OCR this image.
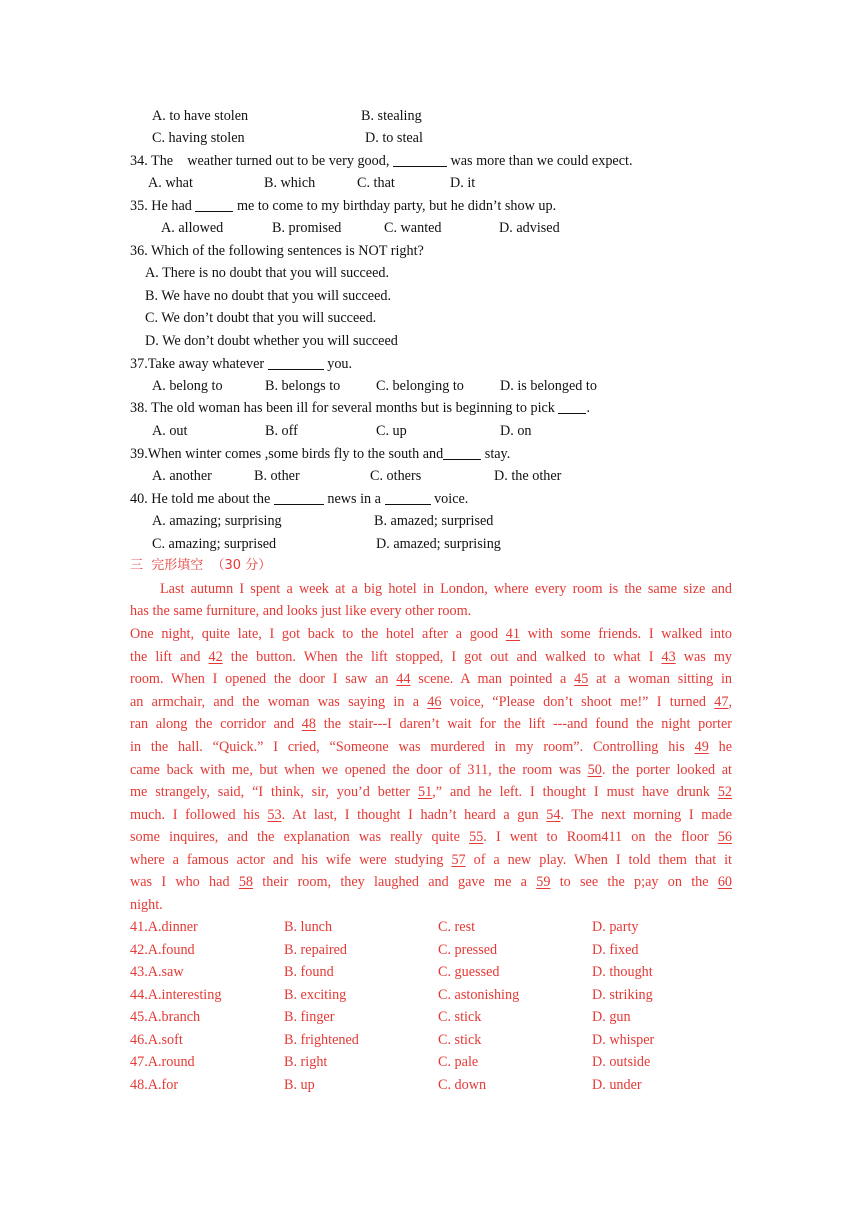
A. to have stolen	B. stealing
C. having stolen	D. to steal
34. The    weather turned out to be very good,	was more than we could expect.
A. what	B. which	C. that	D. it
35. He had	me to come to my birthday party, but he didn’t show up.
A. allowed	B. promised	C. wanted	D. advised
36. Which of the following sentences is NOT right?
A. There is no doubt that you will succeed.
B. We have no doubt that you will succeed.
C. We don’t doubt that you will succeed.
D. We don’t doubt whether you will succeed
37.Take away whatever	you.
A. belong to	B. belongs to	C. belonging to	D. is belonged to
38. The old woman has been ill for several months but is beginning to pick .
A. out	B. off	C. up	D. on
39.When winter comes ,some birds fly to the south and	stay.
A. another	B. other	C. others	D. the other
40. He told me about the	news in a	voice.
A. amazing; surprising	B. amazed; surprised
C. amazing; surprised	D. amazed; surprising
三  完形填空  （30 分）
Last autumn I spent a week at a big hotel in London, where every room is the same size and
has the same furniture, and looks just like every other room.
One night, quite late, I got back to the hotel after a good 41 with some friends. I walked into
the lift and 42 the button. When the lift stopped, I got out and walked to what I 43 was my
room. When I opened the door I saw an 44 scene. A man pointed a 45 at a woman sitting in
an armchair, and the woman was saying in a 46 voice, “Please don’t shoot me!” I turned 47,
ran along the corridor and 48 the stair---I daren’t wait for the lift ---and found the night porter
in the hall. “Quick.” I cried, “Someone was murdered in my room”. Controlling his 49 he
came back with me, but when we opened the door of 311, the room was 50. the porter looked at
me strangely, said, “I think, sir, you’d better 51,” and he left. I thought I must have drunk 52
much. I followed his 53. At last, I thought I hadn’t heard a gun 54. The next morning I made
some inquires, and the explanation was really quite 55. I went to Room411 on the floor 56
where a famous actor and his wife were studying 57 of a new play. When I told them that it
was I who had 58 their room, they laughed and gave me a 59 to see the p;ay on the 60
night.
41.A.dinner	B. lunch	C. rest	D. party
42.A.found	B. repaired	C. pressed	D. fixed
43.A.saw	B. found	C. guessed	D. thought
44.A.interesting	B. exciting	C. astonishing	D. striking
45.A.branch	B. finger	C. stick	D. gun
46.A.soft	B. frightened	C. stick	D. whisper
47.A.round	B. right	C. pale	D. outside
48.A.for	B. up	C. down	D. under
